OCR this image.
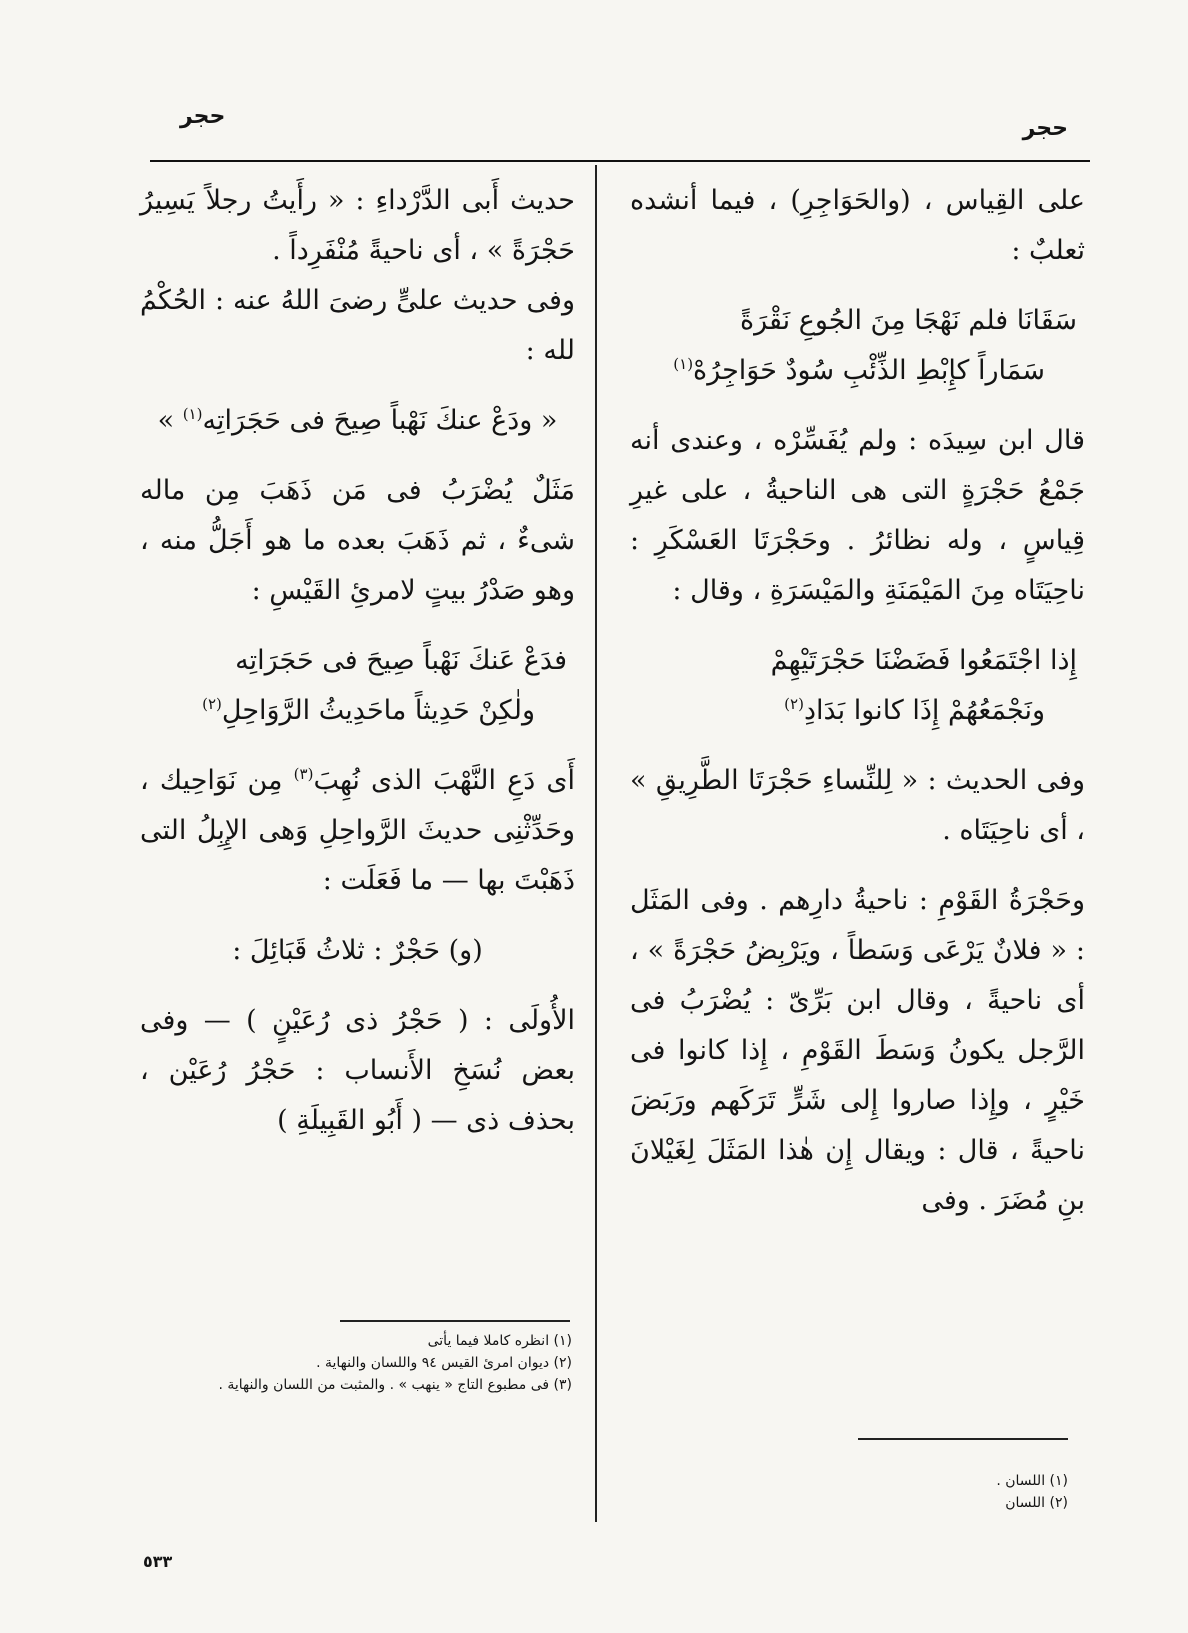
حجر
حجر

على القِياس ، (والحَوَاجِرِ) ، فيما أنشده ثعلبٌ :

سَقَانَا فلم نَهْجَا مِنَ الجُوعِ نَقْرَةً
سَمَاراً كإِبْطِ الذِّئْبِ سُودٌ حَوَاجِرُهْ$^{(١)}$

قال ابن سِيدَه : ولم يُفَسِّرْه ، وعندى أنه جَمْعُ حَجْرَةٍ التى هى الناحيةُ ، على غيرِ قِياسٍ ، وله نظائرُ . وحَجْرَتَا العَسْكَرِ : ناحِيَتَاه مِنَ المَيْمَنَةِ والمَيْسَرَةِ ، وقال :

إِذا اجْتَمَعُوا فَضَضْنَا حَجْرَتَيْهِمْ
ونَجْمَعُهُمْ إِذَا كانوا بَدَادِ$^{(٢)}$

وفى الحديث : « لِلنِّساءِ حَجْرَتَا الطَّرِيقِ » ، أى ناحِيَتَاه .

وحَجْرَةُ القَوْمِ : ناحيةُ دارِهم . وفى المَثَل : « فلانٌ يَرْعَى وَسَطاً ، ويَرْبِضُ حَجْرَةً » ، أى ناحيةً ، وقال ابن بَرِّىّ : يُضْرَبُ فى الرَّجل يكونُ وَسَطَ القَوْمِ ، إِذا كانوا فى خَيْرٍ ، وإِذا صاروا إِلى شَرٍّ تَرَكَهم ورَبَضَ ناحيةً ، قال : ويقال إِن هٰذا المَثَلَ لِغَيْلانَ بنِ مُضَرَ . وفى

(١) اللسان .
(٢) اللسان

حديث أَبى الدَّرْداءِ : « رأَيتُ رجلاً يَسِيرُ حَجْرَةً » ، أى ناحيةً مُنْفَرِداً .

وفى حديث علىٍّ رضىَ اللهُ عنه : الحُكْمُ لله :

« ودَعْ عنكَ نَهْباً صِيحَ فى حَجَرَاتِه$^{(١)}$ »

مَثَلٌ يُضْرَبُ فى مَن ذَهَبَ مِن ماله شىءٌ ، ثم ذَهَبَ بعده ما هو أَجَلُّ منه ، وهو صَدْرُ بيتٍ لامرئِ القَيْسِ :

فدَعْ عَنكَ نَهْباً صِيحَ فى حَجَرَاتِه
ولٰكِنْ حَدِيثاً ماحَدِيثُ الرَّوَاحِلِ$^{(٢)}$

أَى دَعِ النَّهْبَ الذى نُهِبَ$^{(٣)}$ مِن نَوَاحِيك ، وحَدِّثْنِى حديثَ الرَّواحِلِ وَهى الإِبِلُ التى ذَهَبْتَ بها — ما فَعَلَت :

(و) حَجْرٌ : ثلاثُ قَبَائِلَ :

الأُولَى : ( حَجْرُ ذى رُعَيْنٍ ) — وفى بعض نُسَخِ الأَنساب : حَجْرُ رُعَيْن ، بحذف ذى — ( أَبُو القَبِيلَةِ )

(١) انظره كاملا فيما يأتى
(٢) ديوان امرئ القيس ٩٤ واللسان والنهاية .
(٣) فى مطبوع التاج « ينهب » . والمثبت من اللسان والنهاية .
٥٣٣
